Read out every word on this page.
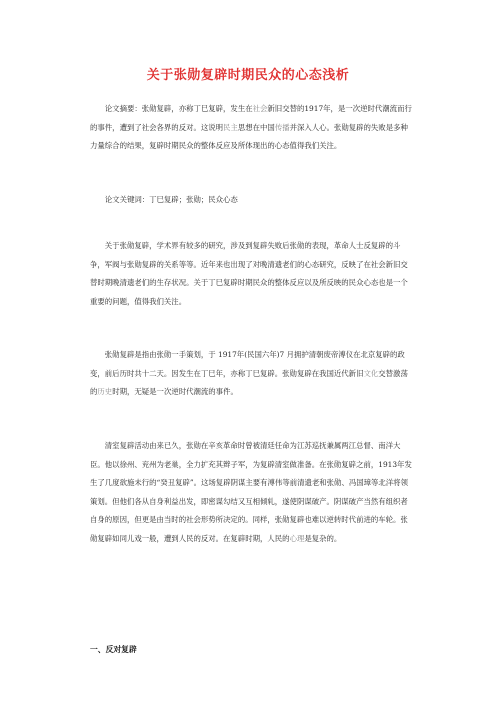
关于张勋复辟时期民众的心态浅析

  论文摘要：张勋复辟，亦称丁巳复辟，发生在社会新旧交替的1917年，是一次逆时代潮流而行的事件，遭到了社会各界的反对。这说明民主思想在中国传播并深入人心。张勋复辟的失败是多种力量综合的结果，复辟时期民众的整体反应及所体现出的心态值得我们关注。

  论文关键词：丁巳复辟；张勋；民众心态

  关于张勋复辟，学术界有较多的研究，涉及到复辟失败后张勋的表现，革命人士反复辟的斗争，军阀与张勋复辟的关系等等。近年来也出现了对晚清遗老们的心态研究，反映了在社会新旧交替时期晚清遗老们的生存状况。关于丁巳复辟时期民众的整体反应以及所反映的民众心态也是一个重要的问题，值得我们关注。

  张勋复辟是指由张勋一手策划，于 1917年(民国六年)7 月拥护清朝废帝溥仪在北京复辟的政变，前后历时共十二天。因发生在丁巳年，亦称丁巳复辟。张勋复辟在我国近代新旧文化交替激荡的历史时期，无疑是一次逆时代潮流的事件。

  清室复辟活动由来已久，张勋在辛亥革命时曾被清廷任命为江苏巡抚兼属两江总督、南洋大臣。他以徐州、兖州为老巢，全力扩充其辫子军，为复辟清室做准备。在张勋复辟之前，1913年发生了几度欲施未行的“癸丑复辟”。这场复辟阴谋主要有溥伟等前清遗老和张勋、冯国璋等北洋将领策划。但他们各从自身利益出发，即密谋勾结又互相倾轧，遂使阴谋破产。阴谋破产当然有组织者自身的原因，但更是由当时的社会形势所决定的。同样，张勋复辟也难以逆转时代前进的车轮。张勋复辟如同儿戏一般，遭到人民的反对。在复辟时期，人民的心理是复杂的。

一、反对复辟
